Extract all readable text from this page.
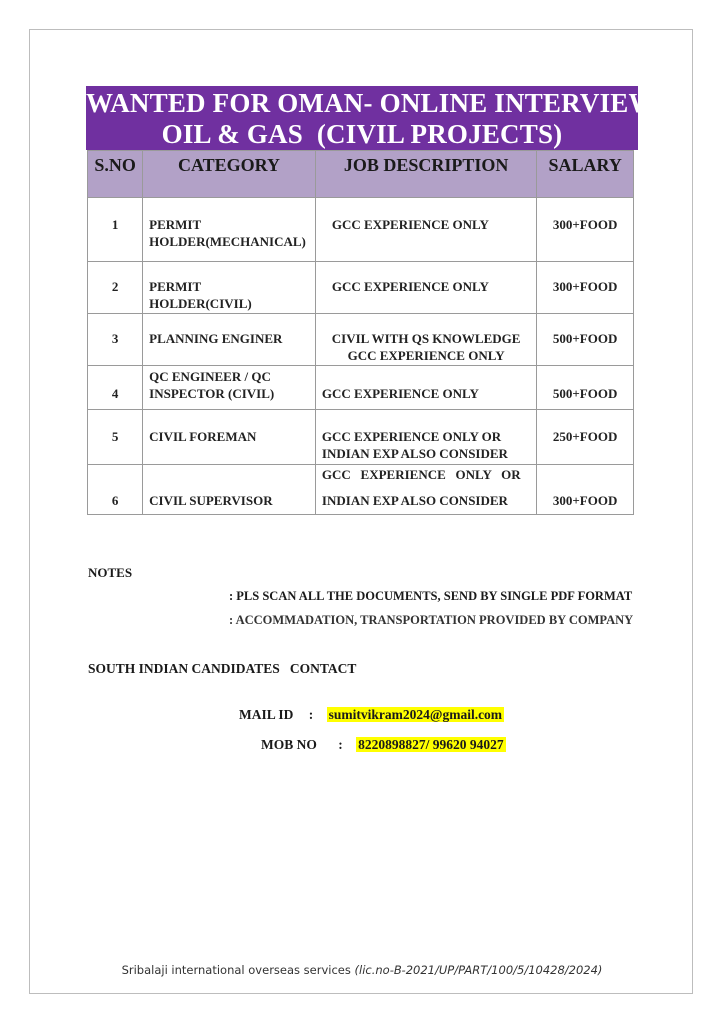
WANTED FOR OMAN- ONLINE INTERVIEW
OIL & GAS  (CIVIL PROJECTS)
S.NO	CATEGORY	JOB DESCRIPTION	SALARY

1	PERMIT
HOLDER(MECHANICAL)	GCC EXPERIENCE ONLY	300+FOOD

2	PERMIT
HOLDER(CIVIL)	GCC EXPERIENCE ONLY	300+FOOD

3	PLANNING ENGINER	CIVIL WITH QS KNOWLEDGE
GCC EXPERIENCE ONLY	500+FOOD

4	QC ENGINEER / QC
INSPECTOR (CIVIL)	GCC EXPERIENCE ONLY	500+FOOD

5	CIVIL FOREMAN	GCC EXPERIENCE ONLY OR
INDIAN EXP ALSO CONSIDER	250+FOOD

6	CIVIL SUPERVISOR	GCC   EXPERIENCE   ONLY   OR
INDIAN EXP ALSO CONSIDER	300+FOOD
NOTES
: PLS SCAN ALL THE DOCUMENTS, SEND BY SINGLE PDF FORMAT
: ACCOMMADATION, TRANSPORTATION PROVIDED BY COMPANY
SOUTH INDIAN CANDIDATES   CONTACT
MAIL ID : sumitvikram2024@gmail.com
MOB NO : 8220898827/ 99620 94027
Sribalaji international overseas services (lic.no-B-2021/UP/PART/100/5/10428/2024)
